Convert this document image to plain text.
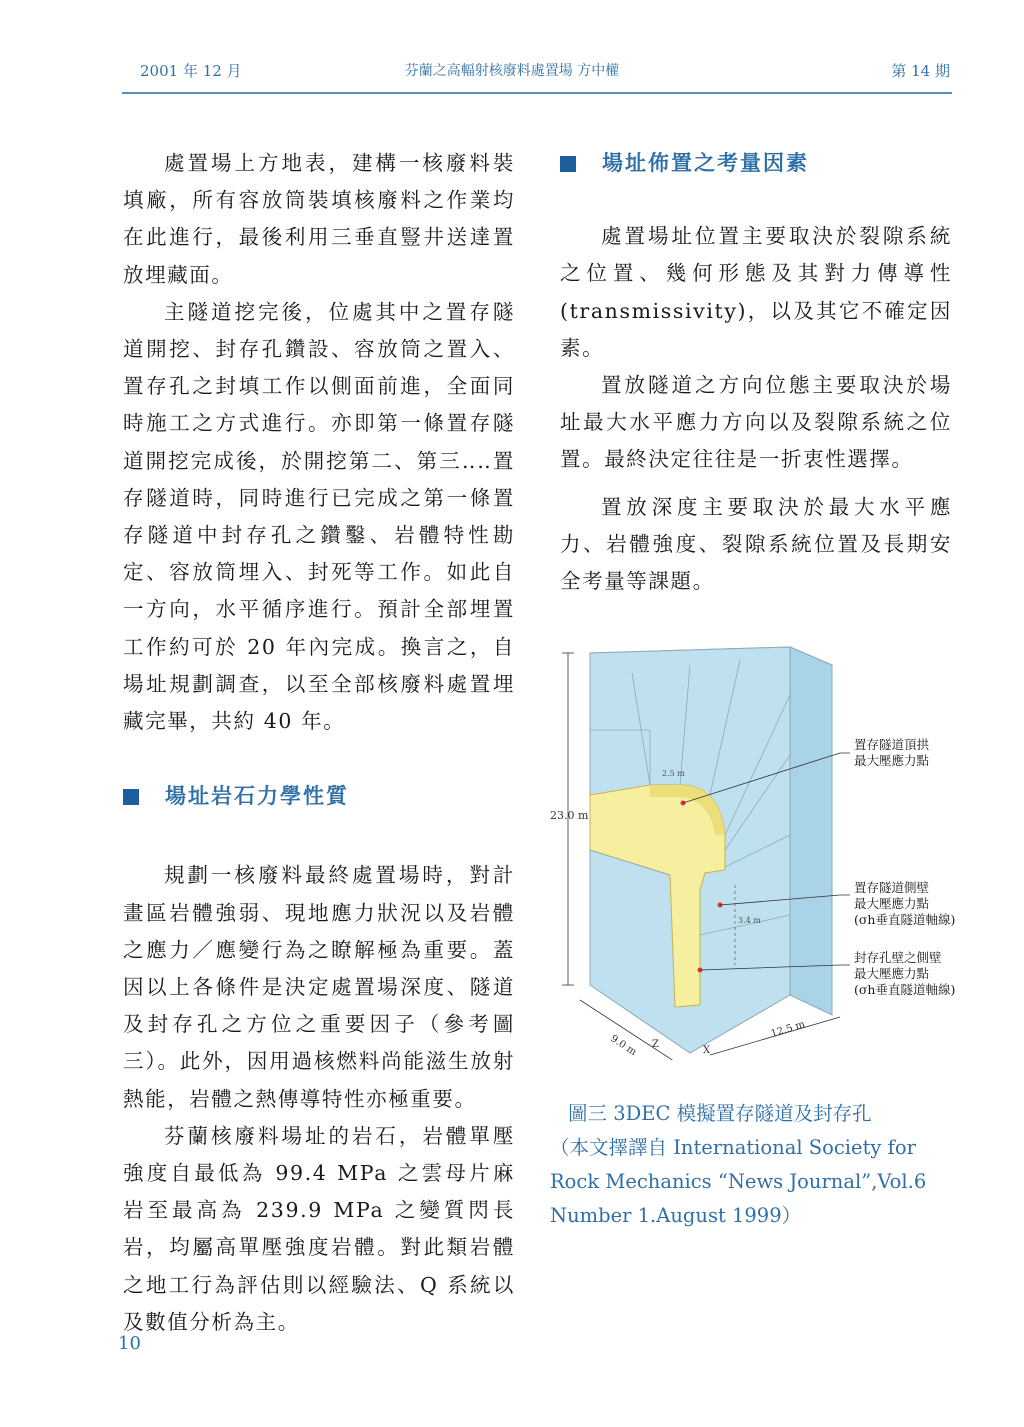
2001 年 12 月	芬蘭之高輻射核廢料處置場 方中權	第 14 期

處置場上方地表，建構一核廢料裝填廠，所有容放筒裝填核廢料之作業均在此進行，最後利用三垂直豎井送達置放埋藏面。

主隧道挖完後，位處其中之置存隧道開挖、封存孔鑽設、容放筒之置入、置存孔之封填工作以側面前進，全面同時施工之方式進行。亦即第一條置存隧道開挖完成後，於開挖第二、第三‥‥置存隧道時，同時進行已完成之第一條置存隧道中封存孔之鑽鑿、岩體特性勘定、容放筒埋入、封死等工作。如此自一方向，水平循序進行。預計全部埋置工作約可於 20 年內完成。換言之，自場址規劃調查，以至全部核廢料處置埋藏完畢，共約 40 年。

場址岩石力學性質

規劃一核廢料最終處置場時，對計畫區岩體強弱、現地應力狀況以及岩體之應力／應變行為之瞭解極為重要。蓋因以上各條件是決定處置場深度、隧道及封存孔之方位之重要因子（參考圖三）。此外，因用過核燃料尚能滋生放射熱能，岩體之熱傳導特性亦極重要。

芬蘭核廢料場址的岩石，岩體單壓強度自最低為 99.4 MPa 之雲母片麻岩至最高為 239.9 MPa 之變質閃長岩，均屬高單壓強度岩體。對此類岩體之地工行為評估則以經驗法、Q 系統以及數值分析為主。

場址佈置之考量因素

處置場址位置主要取決於裂隙系統之位置、幾何形態及其對力傳導性 (transmissivity)，以及其它不確定因素。

置放隧道之方向位態主要取決於場址最大水平應力方向以及裂隙系統之位置。最終決定往往是一折衷性選擇。

置放深度主要取決於最大水平應力、岩體強度、裂隙系統位置及長期安全考量等課題。

23.0 m
9.0 m
12.5 m
2.5 m
3.4 m
Z
X
置存隧道頂拱
最大壓應力點
置存隧道側壁
最大壓應力點
(σh垂直隧道軸線)
封存孔壁之側壁
最大壓應力點
(σh垂直隧道軸線)
圖三 3DEC 模擬置存隧道及封存孔
（本文擇譯自 International Society for
Rock Mechanics “News Journal”,Vol.6
Number 1.August 1999）
10
